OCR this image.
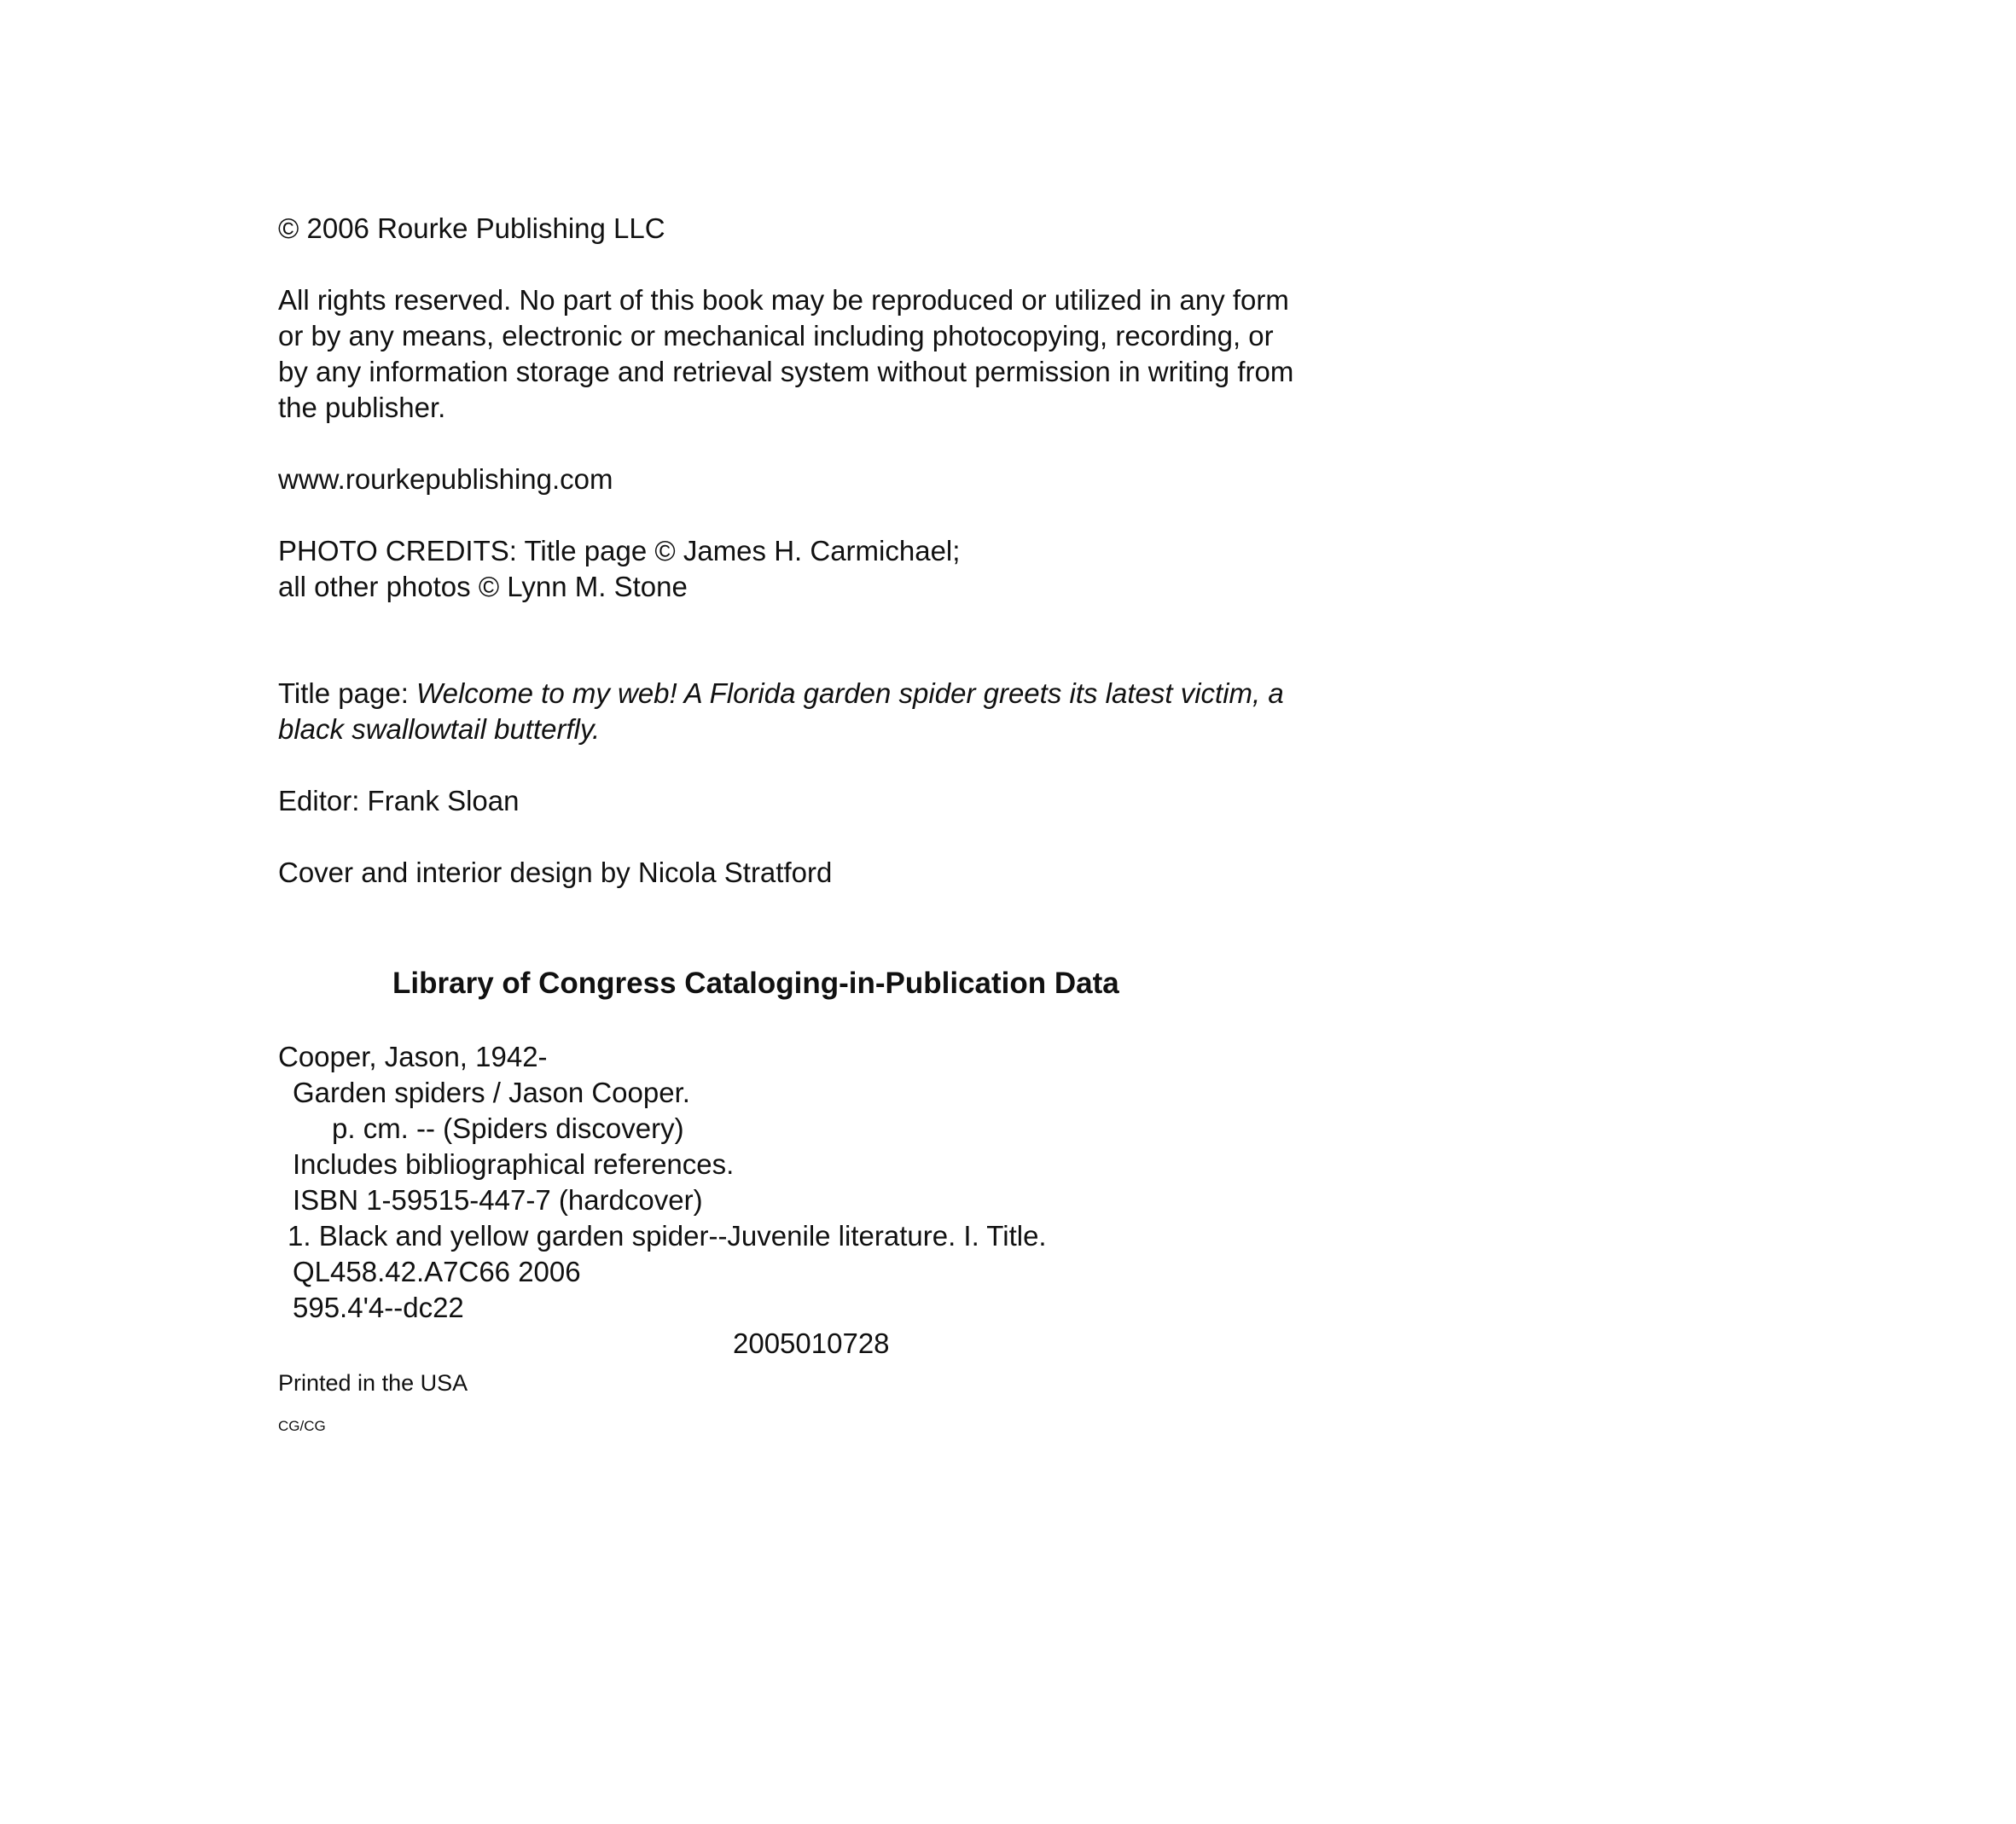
© 2006 Rourke Publishing LLC
All rights reserved. No part of this book may be reproduced or utilized in any form
or by any means, electronic or mechanical including photocopying, recording, or
by any information storage and retrieval system without permission in writing from
the publisher.
www.rourkepublishing.com
PHOTO CREDITS: Title page © James H. Carmichael;
all other photos © Lynn M. Stone
Title page: Welcome to my web! A Florida garden spider greets its latest victim, a
black swallowtail butterfly.
Editor: Frank Sloan
Cover and interior design by Nicola Stratford
Library of Congress Cataloging-in-Publication Data
Cooper, Jason, 1942-
Garden spiders / Jason Cooper.
p. cm. -- (Spiders discovery)
Includes bibliographical references.
ISBN 1-59515-447-7 (hardcover)
1. Black and yellow garden spider--Juvenile literature. I. Title.
QL458.42.A7C66 2006
595.4'4--dc22
2005010728
Printed in the USA
CG/CG
